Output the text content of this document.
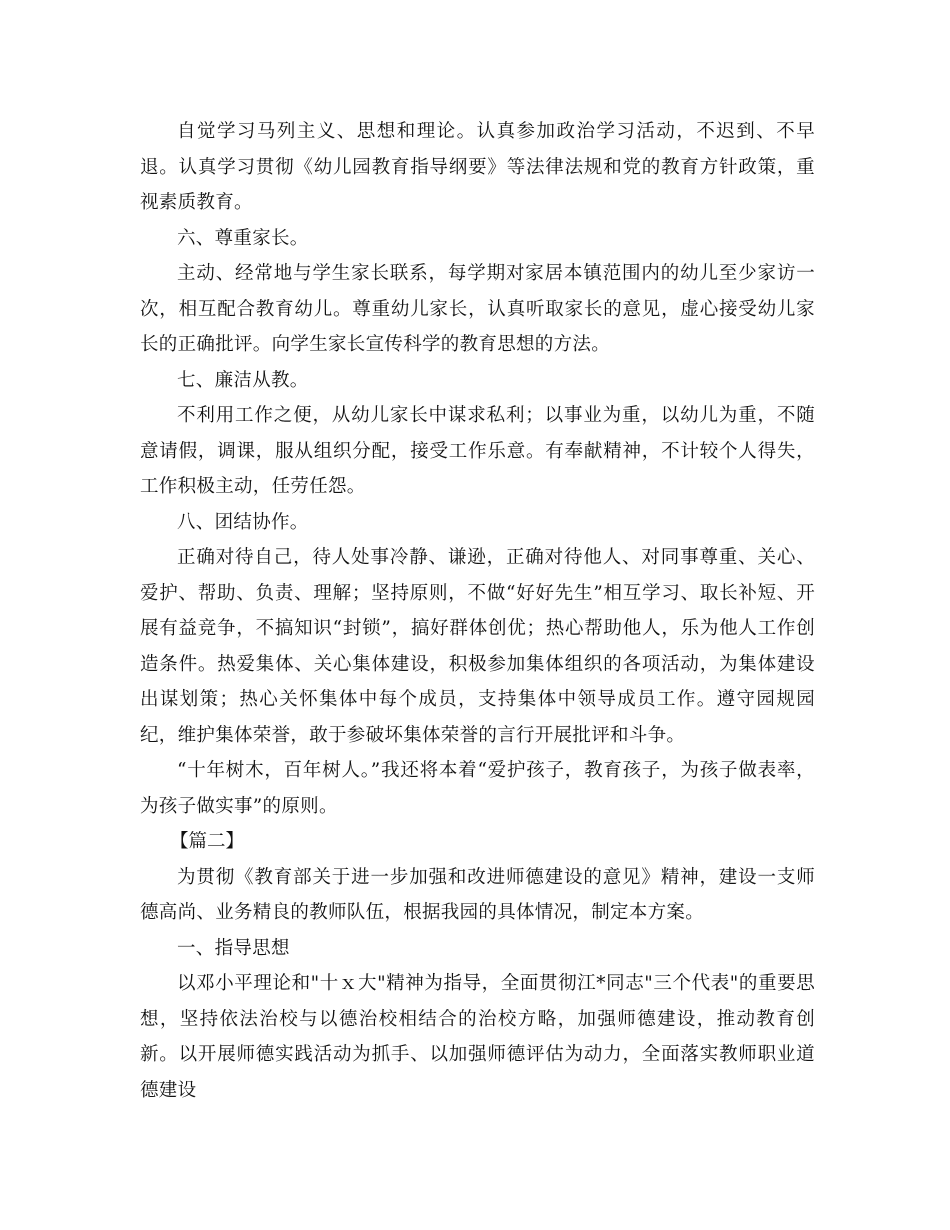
自觉学习马列主义、思想和理论。认真参加政治学习活动，不迟到、不早退。认真学习贯彻《幼儿园教育指导纲要》等法律法规和党的教育方针政策，重视素质教育。

六、尊重家长。

主动、经常地与学生家长联系，每学期对家居本镇范围内的幼儿至少家访一次，相互配合教育幼儿。尊重幼儿家长，认真听取家长的意见，虚心接受幼儿家长的正确批评。向学生家长宣传科学的教育思想的方法。

七、廉洁从教。

不利用工作之便，从幼儿家长中谋求私利；以事业为重，以幼儿为重，不随意请假，调课，服从组织分配，接受工作乐意。有奉献精神，不计较个人得失，工作积极主动，任劳任怨。

八、团结协作。

正确对待自己，待人处事冷静、谦逊，正确对待他人、对同事尊重、关心、爱护、帮助、负责、理解；坚持原则，不做“好好先生”相互学习、取长补短、开展有益竞争，不搞知识“封锁”，搞好群体创优；热心帮助他人，乐为他人工作创造条件。热爱集体、关心集体建设，积极参加集体组织的各项活动，为集体建设出谋划策；热心关怀集体中每个成员，支持集体中领导成员工作。遵守园规园纪，维护集体荣誉，敢于参破坏集体荣誉的言行开展批评和斗争。

“十年树木，百年树人。”我还将本着“爱护孩子，教育孩子，为孩子做表率，为孩子做实事”的原则。

【篇二】

为贯彻《教育部关于进一步加强和改进师德建设的意见》精神，建设一支师德高尚、业务精良的教师队伍，根据我园的具体情况，制定本方案。

一、指导思想

以邓小平理论和"十ｘ大"精神为指导，全面贯彻江*同志"三个代表"的重要思想，坚持依法治校与以德治校相结合的治校方略，加强师德建设，推动教育创新。以开展师德实践活动为抓手、以加强师德评估为动力，全面落实教师职业道德建设
